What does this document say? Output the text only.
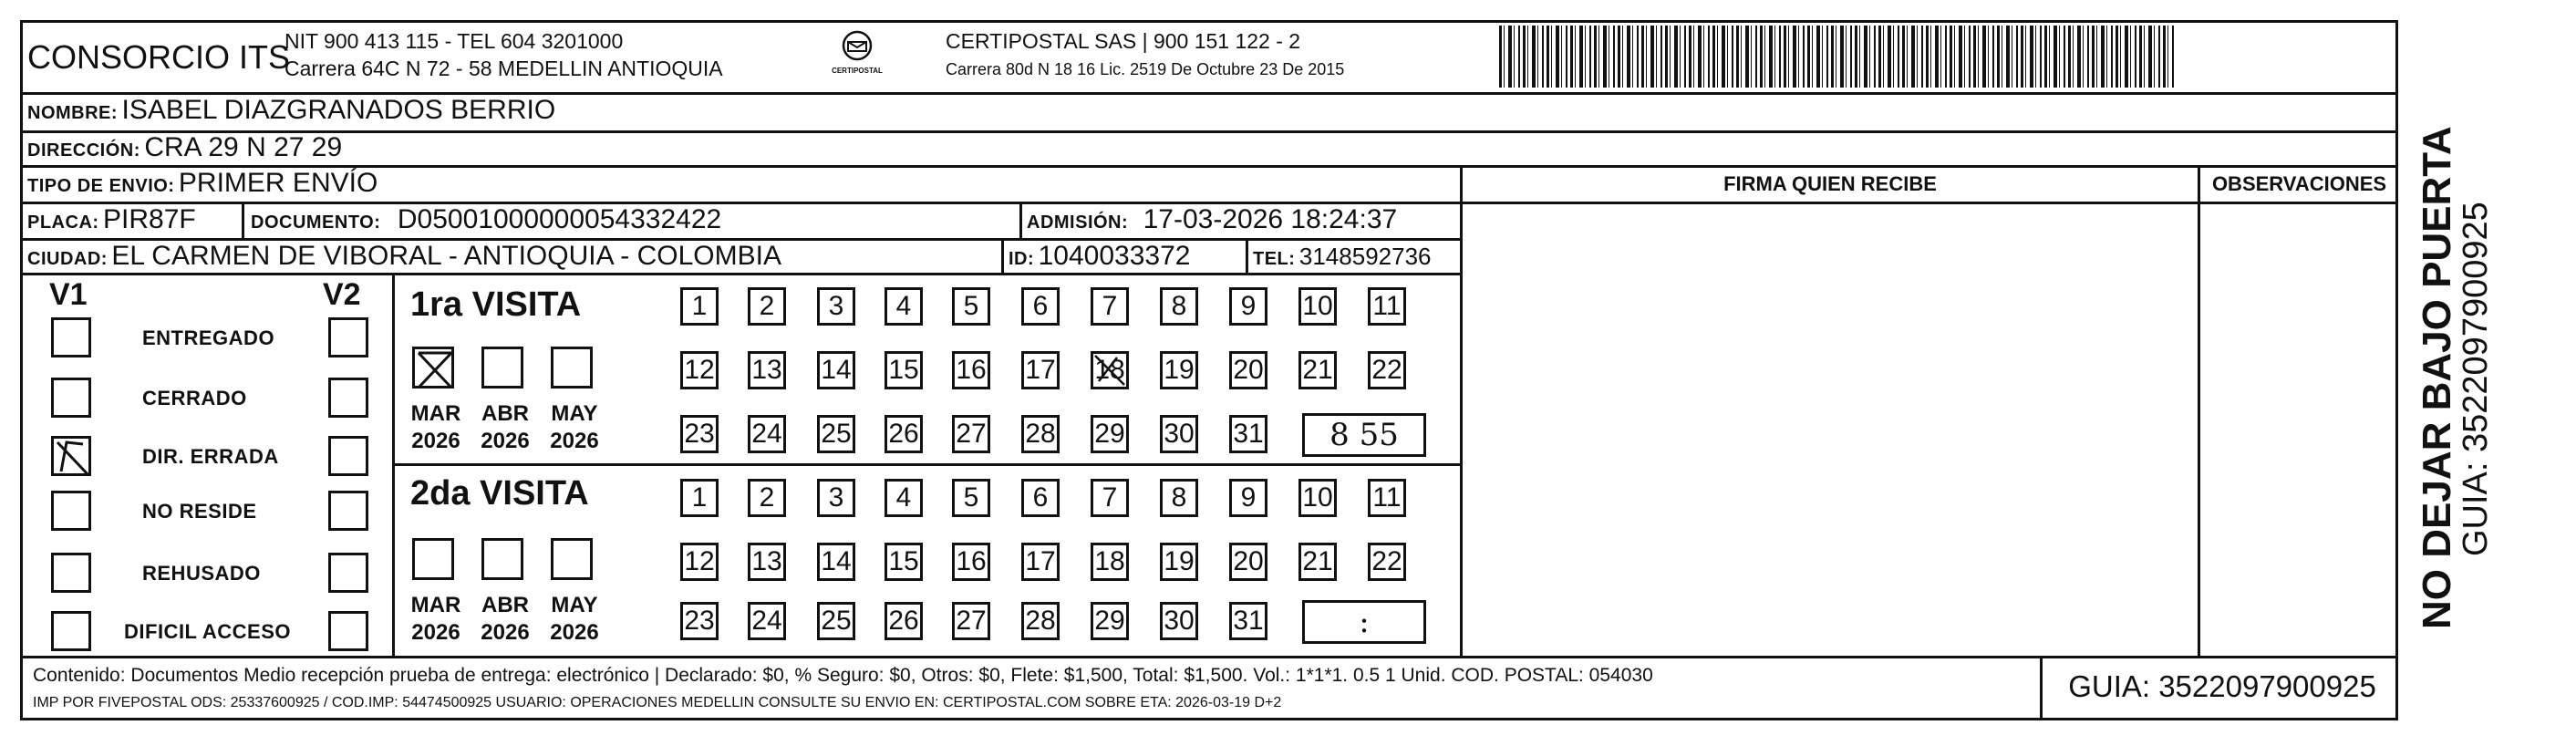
CONSORCIO ITS
NIT 900 413 115 - TEL 604 3201000
Carrera 64C N 72 - 58 MEDELLIN ANTIOQUIA	CERTIPOSTAL
CERTIPOSTAL SAS | 900 151 122 - 2
Carrera 80d N 18 16 Lic. 2519 De Octubre 23 De 2015
NOMBRE: ISABEL DIAZGRANADOS BERRIO
DIRECCIÓN: CRA 29 N 27 29
TIPO DE ENVIO: PRIMER ENVÍO
PLACA: PIR87F	DOCUMENTO: D05001000000054332422	ADMISIÓN: 17-03-2026 18:24:37
CIUDAD: EL CARMEN DE VIBORAL - ANTIOQUIA - COLOMBIA	ID: 1040033372	TEL: 3148592736
FIRMA QUIEN RECIBE	OBSERVACIONES
V1	V2
ENTREGADO
CERRADO
DIR. ERRADA
NO RESIDE
REHUSADO
DIFICIL ACCESO
1ra VISITA
2da VISITA
MAR
2026
ABR
2026
MAY
2026
MAR
2026
ABR
2026
MAY
2026
1 2 3 4 5 6 7 8 9 10 11
12 13 14 15 16 17 18 19 20 21 22
23 24 25 26 27 28 29 30 31 8 55
1 2 3 4 5 6 7 8 9 10 11
12 13 14 15 16 17 18 19 20 21 22
23 24 25 26 27 28 29 30 31	:
Contenido: Documentos Medio recepción prueba de entrega: electrónico | Declarado: $0, % Seguro: $0, Otros: $0, Flete: $1,500, Total: $1,500. Vol.: 1*1*1. 0.5 1 Unid. COD. POSTAL: 054030
IMP POR FIVEPOSTAL ODS: 25337600925 / COD.IMP: 54474500925 USUARIO: OPERACIONES MEDELLIN CONSULTE SU ENVIO EN: CERTIPOSTAL.COM SOBRE ETA: 2026-03-19 D+2	GUIA: 3522097900925
NO DEJAR BAJO PUERTA
GUIA: 3522097900925
